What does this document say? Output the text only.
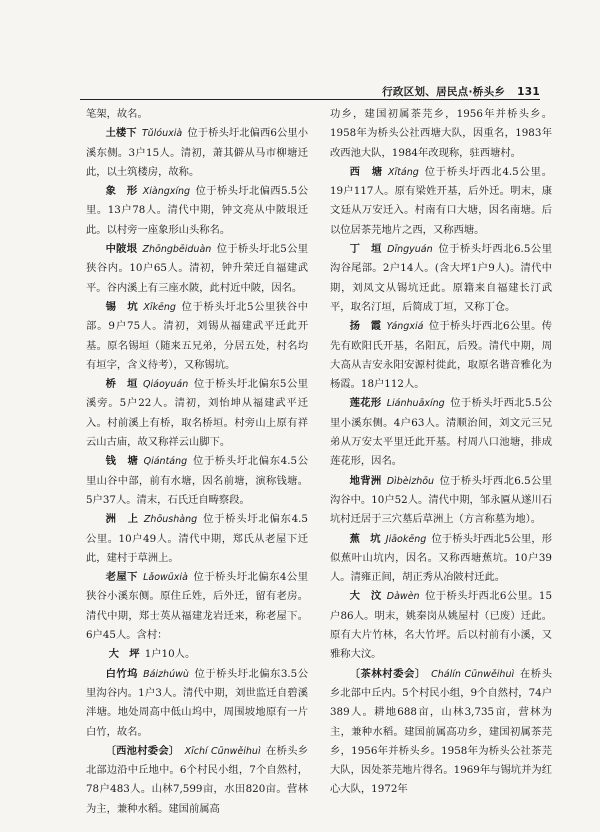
行政区划、居民点·桥头乡 131

笔架，故名。

土楼下  Tǔlóuxià  位于桥头圩北偏西6公里小溪东侧。3户15人。清初，萧其僻从马市柳塘迁此，以土筑楼房，故称。

象　形  Xiàngxíng  位于桥头圩北偏西5.5公里。13户78人。清代中期，钟文亮从中陂垠迁此。以村旁一座象形山头称名。

中陂垠  Zhōngbēiduàn  位于桥头圩北5公里狭谷内。10户65人。清初，钟升荣迁自福建武平。谷内溪上有三座水陂，此村近中陂，因名。

锡　坑  Xīkēng  位于桥头圩北5公里狭谷中部。9户75人。清初，刘锡从福建武平迁此开基。原名锡垣（随来五兄弟，分居五处，村名均有垣字，含义待考），又称锡坑。

桥　垣  Qiáoyuán  位于桥头圩北偏东5公里溪旁。5户22人。清初，刘怡坤从福建武平迁入。村前溪上有桥，取名桥垣。村旁山上原有祥云山古庙，故又称祥云山脚下。

钱　塘  Qiántáng  位于桥头圩北偏东4.5公里山谷中部，前有水塘，因名前塘，演称钱塘。5户37人。清末，石氏迁自畴察段。

洲　上  Zhōushàng  位于桥头圩北偏东4.5公里。10户49人。清代中期，郑氏从老屋下迁此，建村于草洲上。

老屋下  Lǎowūxià  位于桥头圩北偏东4公里狭谷小溪东侧。原住丘姓，后外迁，留有老房。清代中期，郑士英从福建龙岩迁来，称老屋下。6户45人。含村：

大　坪  1户10人。

白竹坞  Báizhúwù  位于桥头圩北偏东3.5公里沟谷内。1户3人。清代中期，刘世监迁自碧溪泮塘。地处周高中低山坞中，周围坡地原有一片白竹，故名。

〔西池村委会〕  Xīchí Cūnwěihuì  在桥头乡北部边沿中丘地中。6个村民小组，7个自然村，78户483人。山林7,599亩，水田820亩。营林为主，兼种水稻。建国前属高

功乡，建国初属茶芫乡，1956年并桥头乡。1958年为桥头公社西塘大队，因重名，1983年改西池大队，1984年改现称，驻西塘村。

西　塘  Xītáng  位于桥头圩西北4.5公里。19户117人。原有梁姓开基，后外迁。明末，康文廷从万安迁入。村南有口大塘，因名南塘。后以位居茶芫地片之西，又称西塘。

丁　垣  Dīngyuán  位于桥头圩西北6.5公里沟谷尾部。2户14人。(含大坪1户9人)。清代中期，刘凤文从锡坑迁此。原籍来自福建长汀武平，取名汀垣，后简成丁垣，又称丁仓。

扬　霞  Yángxiá  位于桥头圩西北6公里。传先有欧阳氏开基，名阳瓦，后殁。清代中期，周大高从吉安永阳安源村徙此，取原名谐音雅化为杨霞。18户112人。

莲花形  Liánhuāxíng  位于桥头圩西北5.5公里小溪东侧。4户63人。清顺治间，刘文元三兄弟从万安太平里迁此开基。村周八口池塘，排成莲花形，因名。

地背洲  Dìbèizhōu  位于桥头圩西北6.5公里沟谷中。10户52人。清代中期，邹永匾从遂川石坑村迁居于三穴墓后草洲上（方言称墓为地）。

蕉　坑  Jiāokēng  位于桥头圩西北5公里，形似蕉叶山坑内，因名。又称西塘蕉坑。10户39人。清雍正间，胡正秀从冶陂村迁此。

大　汶  Dàwèn  位于桥头圩西北6公里。15户86人。明末，姚秦岗从姚屋村（已废）迁此。原有大片竹林，名大竹坪。后以村前有小溪，又雅称大汶。

〔茶林村委会〕  Chálín Cūnwěihuì  在桥头乡北部中丘内。5个村民小组，9个自然村，74户389人。耕地688亩，山林3,735亩，营林为主，兼种水稻。建国前属高功乡，建国初属茶芫乡，1956年并桥头乡。1958年为桥头公社茶芫大队，因处茶芫地片得名。1969年与锡坑并为红心大队，1972年
